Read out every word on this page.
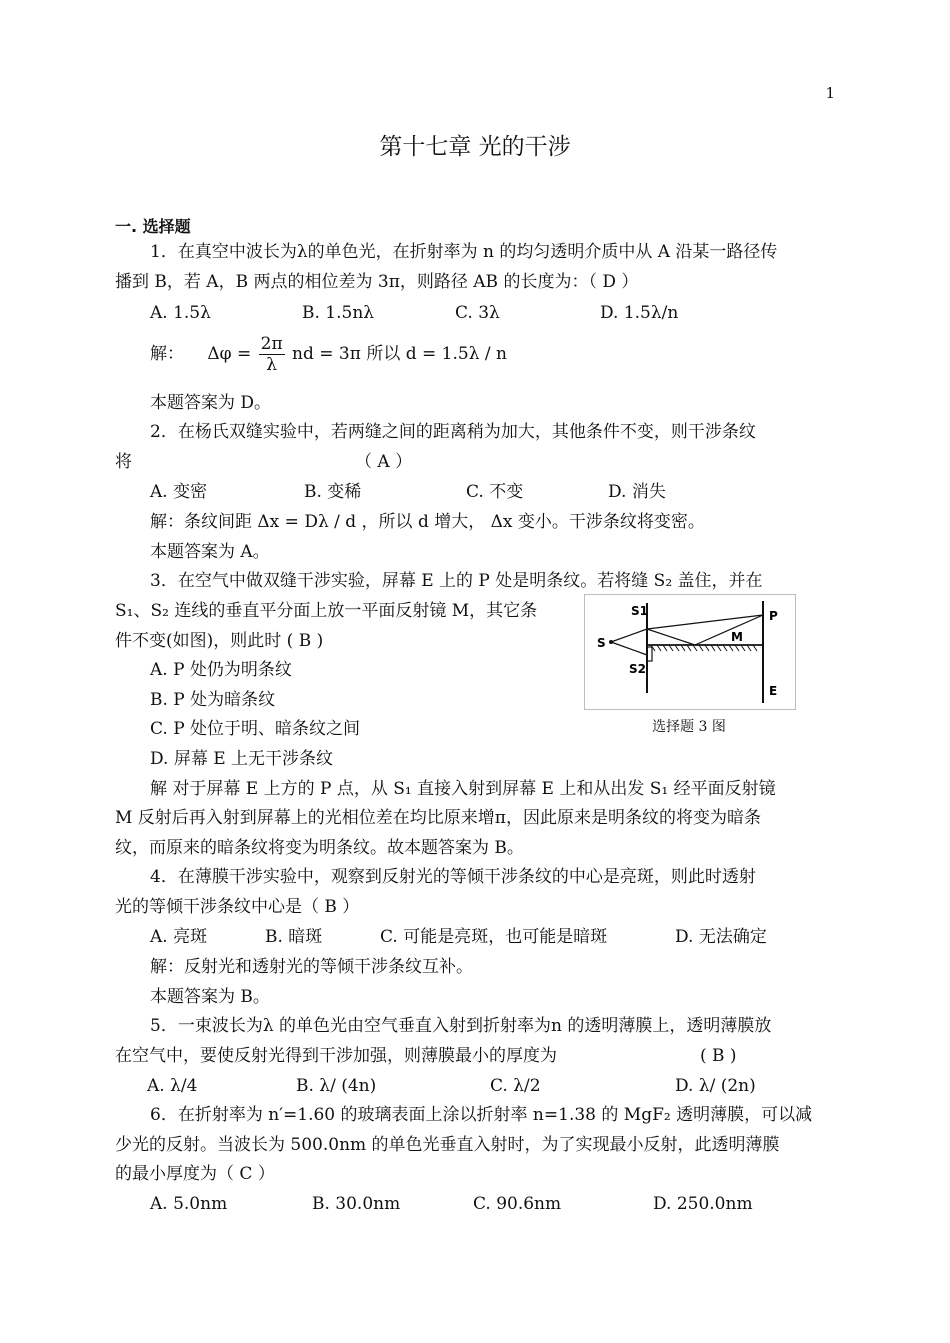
1
第十七章 光的干涉
一. 选择题
1．在真空中波长为λ的单色光，在折射率为 n 的均匀透明介质中从 A 沿某一路径传
播到 B，若 A，B 两点的相位差为 3π，则路径 AB 的长度为：（ D ）
A. 1.5λ	B. 1.5nλ	C. 3λ	D. 1.5λ/n
解： $\Delta\varphi = \frac{2\pi}{\lambda}$ nd = 3π 所以 d = 1.5λ / n
本题答案为 D。
2．在杨氏双缝实验中，若两缝之间的距离稍为加大，其他条件不变，则干涉条纹
将	（ A ）
A. 变密	B. 变稀	C. 不变	D. 消失
解：条纹间距 Δx = Dλ / d ，所以 d 增大， Δx 变小。干涉条纹将变密。
本题答案为 A。
3．在空气中做双缝干涉实验，屏幕 E 上的 P 处是明条纹。若将缝 S₂ 盖住，并在
S₁、S₂ 连线的垂直平分面上放一平面反射镜 M，其它条
件不变(如图)，则此时 ( B )
A. P 处仍为明条纹
B. P 处为暗条纹
C. P 处位于明、暗条纹之间
D. 屏幕 E 上无干涉条纹
S1
S2
S
P
M
E
选择题 3 图
解 对于屏幕 E 上方的 P 点，从 S₁ 直接入射到屏幕 E 上和从出发 S₁ 经平面反射镜
M 反射后再入射到屏幕上的光相位差在均比原来增π，因此原来是明条纹的将变为暗条
纹，而原来的暗条纹将变为明条纹。故本题答案为 B。
4．在薄膜干涉实验中，观察到反射光的等倾干涉条纹的中心是亮斑，则此时透射
光的等倾干涉条纹中心是（ B ）
A. 亮斑	B. 暗斑	C. 可能是亮斑，也可能是暗斑	D. 无法确定
解：反射光和透射光的等倾干涉条纹互补。
本题答案为 B。
5．一束波长为λ 的单色光由空气垂直入射到折射率为n 的透明薄膜上，透明薄膜放
在空气中，要使反射光得到干涉加强，则薄膜最小的厚度为	( B )
A. λ/4	B. λ/ (4n)	C. λ/2	D. λ/ (2n)
6．在折射率为 n′=1.60 的玻璃表面上涂以折射率 n=1.38 的 MgF₂ 透明薄膜，可以减
少光的反射。当波长为 500.0nm 的单色光垂直入射时，为了实现最小反射，此透明薄膜
的最小厚度为（ C ）
A. 5.0nm	B. 30.0nm	C. 90.6nm	D. 250.0nm
